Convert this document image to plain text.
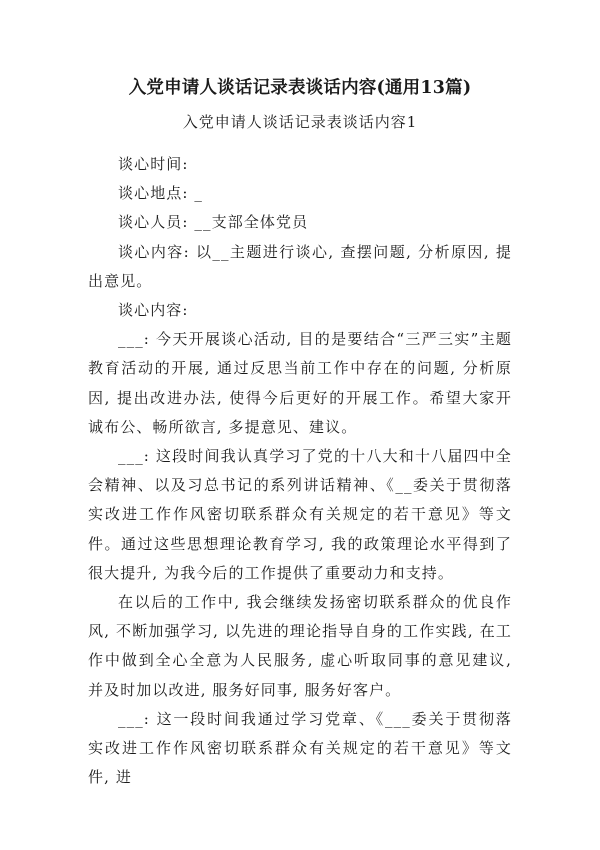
入党申请人谈话记录表谈话内容(通用13篇)
入党申请人谈话记录表谈话内容1

谈心时间:

谈心地点: _

谈心人员: __支部全体党员

谈心内容: 以__主题进行谈心, 查摆问题, 分析原因, 提出意见。

谈心内容:

___: 今天开展谈心活动, 目的是要结合“三严三实”主题教育活动的开展, 通过反思当前工作中存在的问题, 分析原因, 提出改进办法, 使得今后更好的开展工作。希望大家开诚布公、畅所欲言, 多提意见、建议。

___: 这段时间我认真学习了党的十八大和十八届四中全会精神、以及习总书记的系列讲话精神、《__委关于贯彻落实改进工作作风密切联系群众有关规定的若干意见》等文件。通过这些思想理论教育学习, 我的政策理论水平得到了很大提升, 为我今后的工作提供了重要动力和支持。

在以后的工作中, 我会继续发扬密切联系群众的优良作风, 不断加强学习, 以先进的理论指导自身的工作实践, 在工作中做到全心全意为人民服务, 虚心听取同事的意见建议, 并及时加以改进, 服务好同事, 服务好客户。

___: 这一段时间我通过学习党章、《___委关于贯彻落实改进工作作风密切联系群众有关规定的若干意见》等文件, 进
